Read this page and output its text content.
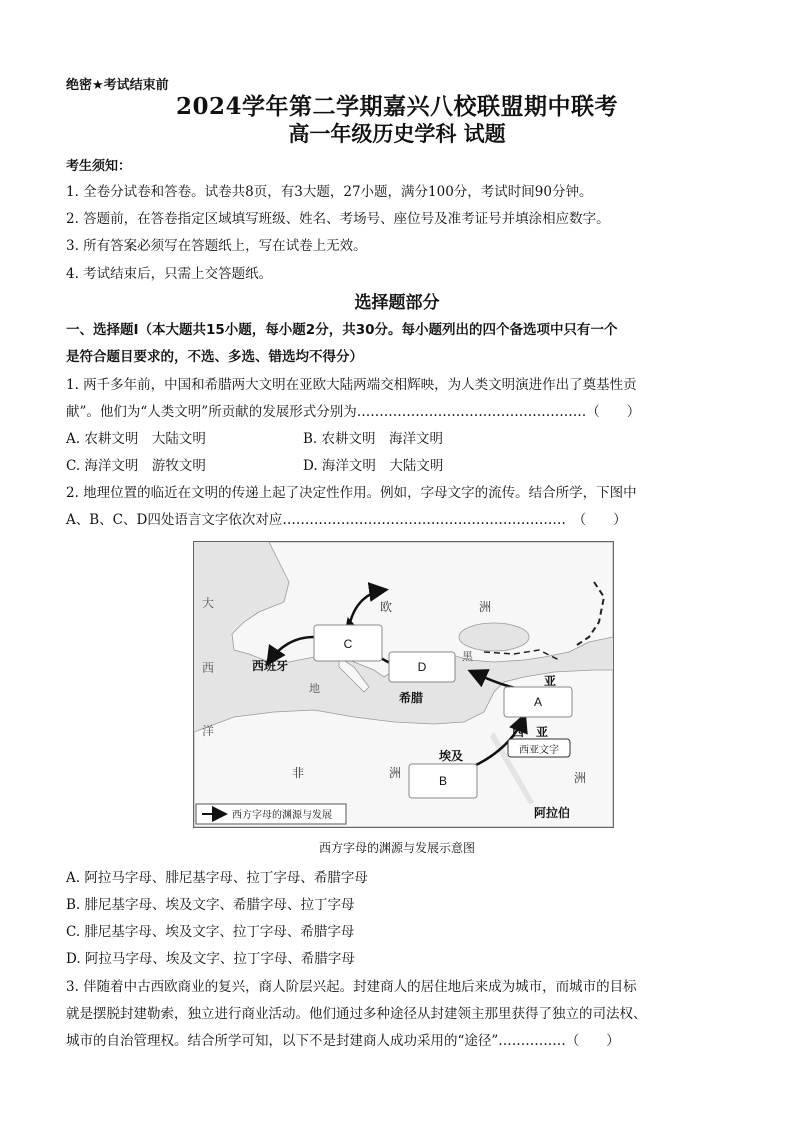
绝密★考试结束前
2024学年第二学期嘉兴八校联盟期中联考
高一年级历史学科 试题
考生须知：
1. 全卷分试卷和答卷。试卷共8页，有3大题，27小题，满分100分，考试时间90分钟。
2. 答题前，在答卷指定区域填写班级、姓名、考场号、座位号及准考证号并填涂相应数字。
3. 所有答案必须写在答题纸上，写在试卷上无效。
4. 考试结束后，只需上交答题纸。
选择题部分
一、选择题Ⅰ（本大题共15小题，每小题2分，共30分。每小题列出的四个备选项中只有一个
是符合题目要求的，不选、多选、错选均不得分）
1. 两千多年前，中国和希腊两大文明在亚欧大陆两端交相辉映，为人类文明演进作出了奠基性贡
献”。他们为“人类文明”所贡献的发展形式分别为……………………………………………（　　）
A. 农耕文明　大陆文明	B. 农耕文明　海洋文明
C. 海洋文明　游牧文明	D. 海洋文明　大陆文明
2. 地理位置的临近在文明的传递上起了决定性作用。例如，字母文字的流传。结合所学，下图中
A、B、C、D四处语言文字依次对应………………………………………………………　（　　）
大
西
洋
欧	洲
黑
地
西班牙
希腊
埃及
非	洲
亚
西　亚
西亚文字
洲
阿拉伯
C
D
A
B
西方字母的渊源与发展
西方字母的渊源与发展示意图
A. 阿拉马字母、腓尼基字母、拉丁字母、希腊字母
B. 腓尼基字母、埃及文字、希腊字母、拉丁字母
C. 腓尼基字母、埃及文字、拉丁字母、希腊字母
D. 阿拉马字母、埃及文字、拉丁字母、希腊字母
3. 伴随着中古西欧商业的复兴，商人阶层兴起。封建商人的居住地后来成为城市，而城市的目标
就是摆脱封建勒索，独立进行商业活动。他们通过多种途径从封建领主那里获得了独立的司法权、
城市的自治管理权。结合所学可知，以下不是封建商人成功采用的“途径”……………（　　）
